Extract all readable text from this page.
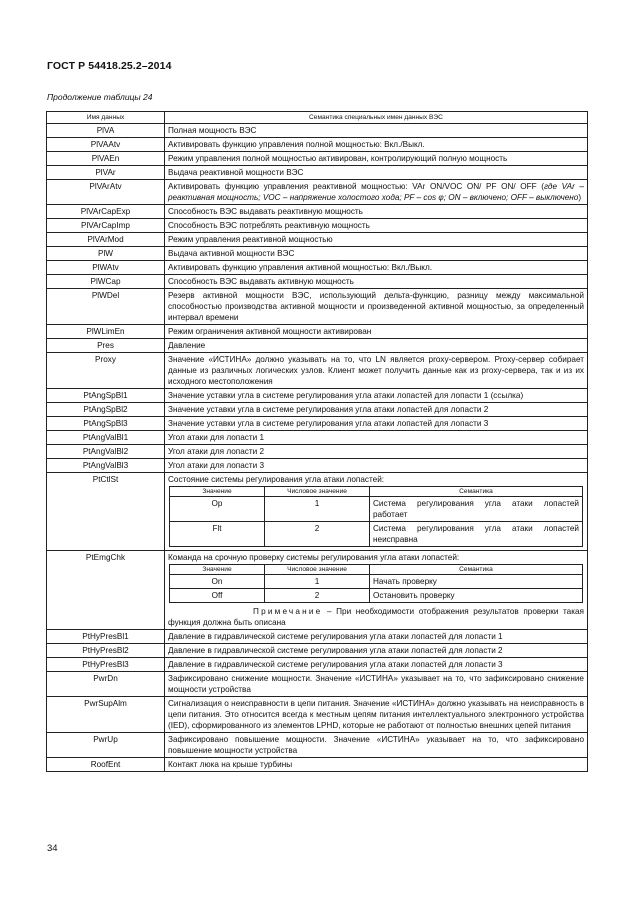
ГОСТ Р 54418.25.2–2014
Продолжение таблицы 24
Имя данных	Семантика специальных имен данных ВЭС
PlVA	Полная мощность ВЭС
PlVAAtv	Активировать функцию управления полной мощностью: Вкл./Выкл.
PlVAEn	Режим управления полной мощностью активирован, контролирующий полную мощность
PlVAr	Выдача реактивной мощности ВЭС
PlVArAtv	Активировать функцию управления реактивной мощностью: VAr ON/VOC ON/ PF ON/ OFF (где VAr – реактивная мощность; VOC – напряжение холостого хода; PF – cos φ; ON – включено; OFF – выключено)
PlVArCapExp	Способность ВЭС выдавать реактивную мощность
PlVArCapImp	Способность ВЭС потреблять реактивную мощность
PlVArMod	Режим управления реактивной мощностью
PlW	Выдача активной мощности ВЭС
PlWAtv	Активировать функцию управления активной мощностью: Вкл./Выкл.
PlWCap	Способность ВЭС выдавать активную мощность
PlWDel	Резерв активной мощности ВЭС, использующий дельта-функцию, разницу между максимальной способностью производства активной мощности и произведенной активной мощностью, за определенный интервал времени
PlWLimEn	Режим ограничения активной мощности активирован
Pres	Давление
Proxy	Значение «ИСТИНА» должно указывать на то, что LN является proxy-сервером. Proxy-сервер собирает данные из различных логических узлов. Клиент может получить данные как из proxy-сервера, так и из их исходного местоположения
PtAngSpBl1	Значение уставки угла в системе регулирования угла атаки лопастей для лопасти 1 (ссылка)
PtAngSpBl2	Значение уставки угла в системе регулирования угла атаки лопастей для лопасти 2
PtAngSpBl3	Значение уставки угла в системе регулирования угла атаки лопастей для лопасти 3
PtAngValBl1	Угол атаки для лопасти 1
PtAngValBl2	Угол атаки для лопасти 2
PtAngValBl3	Угол атаки для лопасти 3
PtCtlSt	Состояние системы регулирования угла атаки лопастей:
Значение	Числовое значение	Семантика
Op	1	Система регулирования угла атаки лопастей работает
Flt	2	Система регулирования угла атаки лопастей неисправна

PtEmgChk	Команда на срочную проверку системы регулирования угла атаки лопастей:
Значение	Числовое значение	Семантика
On	1	Начать проверку
Off	2	Остановить проверку
Примечание – При необходимости отображения результатов проверки такая функция должна быть описана

PtHyPresBl1	Давление в гидравлической системе регулирования угла атаки лопастей для лопасти 1
PtHyPresBl2	Давление в гидравлической системе регулирования угла атаки лопастей для лопасти 2
PtHyPresBl3	Давление в гидравлической системе регулирования угла атаки лопастей для лопасти 3
PwrDn	Зафиксировано снижение мощности. Значение «ИСТИНА» указывает на то, что зафиксировано снижение мощности устройства
PwrSupAlm	Сигнализация о неисправности в цепи питания. Значение «ИСТИНА» должно указывать на неисправность в цепи питания. Это относится всегда к местным цепям питания интеллектуального электронного устройства (IED), сформированного из элементов LPHD, которые не работают от полностью внешних цепей питания
PwrUp	Зафиксировано повышение мощности. Значение «ИСТИНА» указывает на то, что зафиксировано повышение мощности устройства
RoofEnt	Контакт люка на крыше турбины
34
